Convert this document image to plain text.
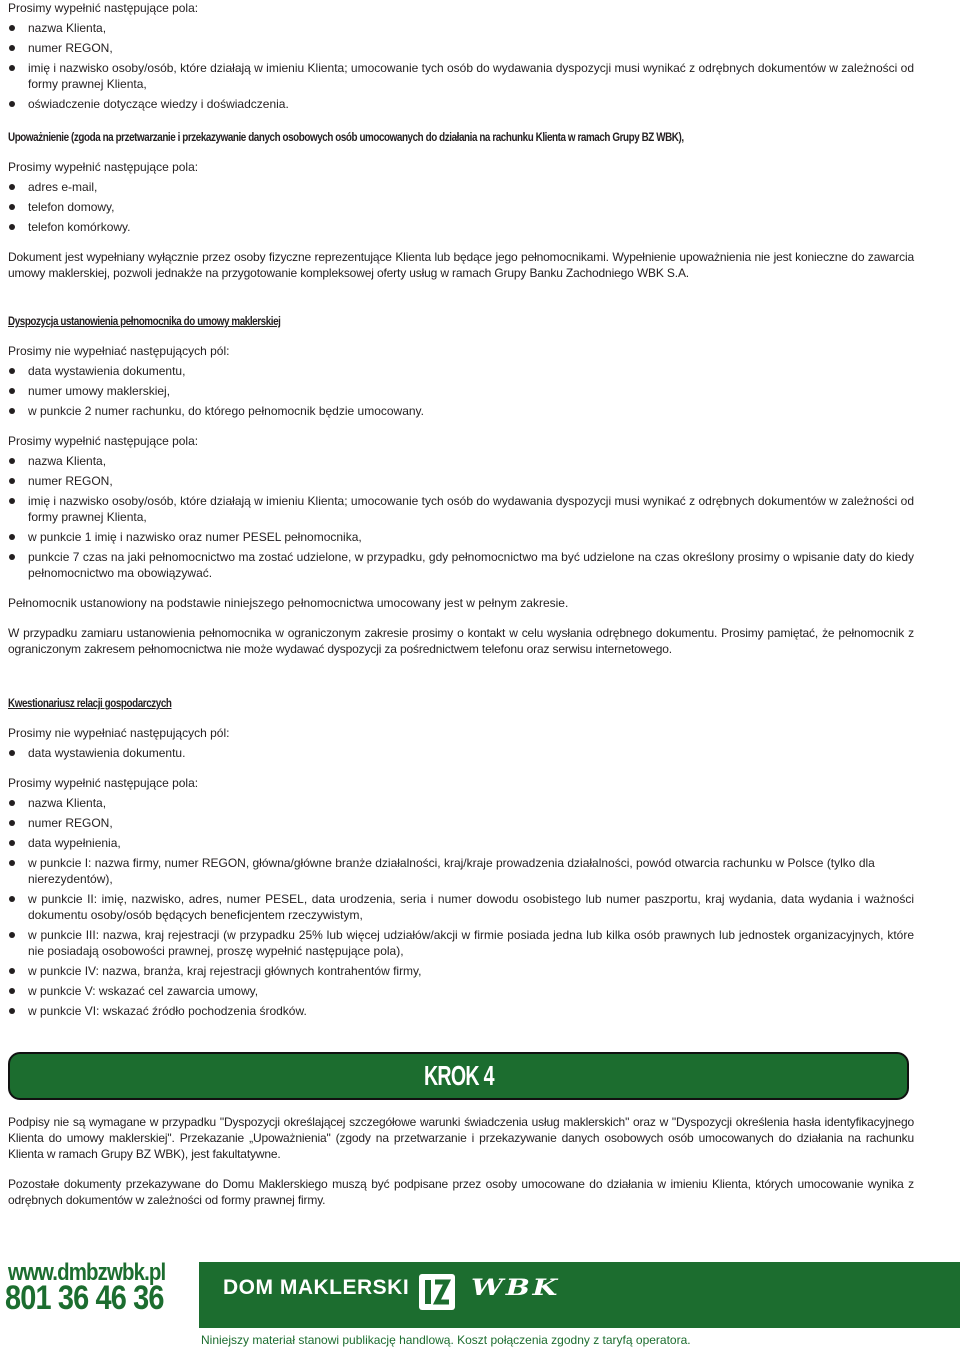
Prosimy wypełnić następujące pola:

nazwa Klienta,
numer REGON,
imię i nazwisko osoby/osób, które działają w imieniu Klienta; umocowanie tych osób do wydawania dyspozycji musi wynikać z odrębnych dokumentów w zależności od formy prawnej Klienta,
oświadczenie dotyczące wiedzy i doświadczenia.
Upoważnienie (zgoda na przetwarzanie i przekazywanie danych osobowych osób umocowanych do działania na rachunku Klienta w ramach Grupy BZ WBK),

Prosimy wypełnić następujące pola:

adres e-mail,
telefon domowy,
telefon komórkowy.

Dokument jest wypełniany wyłącznie przez osoby fizyczne reprezentujące Klienta lub będące jego pełnomocnikami. Wypełnienie upoważnienia nie jest konieczne do zawarcia umowy maklerskiej, pozwoli jednakże na przygotowanie kompleksowej oferty usług w ramach Grupy Banku Zachodniego WBK S.A.

Dyspozycja ustanowienia pełnomocnika do umowy maklerskiej

Prosimy nie wypełniać następujących pól:

data wystawienia dokumentu,
numer umowy maklerskiej,
w punkcie 2 numer rachunku, do którego pełnomocnik będzie umocowany.

Prosimy wypełnić następujące pola:

nazwa Klienta,
numer REGON,
imię i nazwisko osoby/osób, które działają w imieniu Klienta; umocowanie tych osób do wydawania dyspozycji musi wynikać z odrębnych dokumentów w zależności od formy prawnej Klienta,
w punkcie 1 imię i nazwisko oraz numer PESEL pełnomocnika,
punkcie 7 czas na jaki pełnomocnictwo ma zostać udzielone, w przypadku, gdy pełnomocnictwo ma być udzielone na czas określony prosimy o wpisanie daty do kiedy pełnomocnictwo ma obowiązywać.

Pełnomocnik ustanowiony na podstawie niniejszego pełnomocnictwa umocowany jest w pełnym zakresie.

W przypadku zamiaru ustanowienia pełnomocnika w ograniczonym zakresie prosimy o kontakt w celu wysłania odrębnego dokumentu. Prosimy pamiętać, że pełnomocnik z ograniczonym zakresem pełnomocnictwa nie może wydawać dyspozycji za pośrednictwem telefonu oraz serwisu internetowego.

Kwestionariusz relacji gospodarczych

Prosimy nie wypełniać następujących pól:

data wystawienia dokumentu.

Prosimy wypełnić następujące pola:

nazwa Klienta,
numer REGON,
data wypełnienia,
w punkcie I: nazwa firmy, numer REGON, główna/główne branże działalności, kraj/kraje prowadzenia działalności, powód otwarcia rachunku w Polsce (tylko dla nierezydentów),
w punkcie II: imię, nazwisko, adres, numer PESEL, data urodzenia, seria i numer dowodu osobistego lub numer paszportu, kraj wydania, data wydania i ważności dokumentu osoby/osób będących beneficjentem rzeczywistym,
w punkcie III: nazwa, kraj rejestracji (w przypadku 25% lub więcej udziałów/akcji w firmie posiada jedna lub kilka osób prawnych lub jednostek organizacyjnych, które nie posiadają osobowości prawnej, proszę wypełnić następujące pola),
w punkcie IV: nazwa, branża, kraj rejestracji głównych kontrahentów firmy,
w punkcie V: wskazać cel zawarcia umowy,
w punkcie VI: wskazać źródło pochodzenia środków.
KROK 4

Podpisy nie są wymagane w przypadku "Dyspozycji określającej szczegółowe warunki świadczenia usług maklerskich" oraz w "Dyspozycji określenia hasła identyfikacyjnego Klienta do umowy maklerskiej". Przekazanie „Upoważnienia" (zgody na przetwarzanie i przekazywanie danych osobowych osób umocowanych do działania na rachunku Klienta w ramach Grupy BZ WBK), jest fakultatywne.

Pozostałe dokumenty przekazywane do Domu Maklerskiego muszą być podpisane przez osoby umocowane do działania w imieniu Klienta, których umocowanie wynika z odrębnych dokumentów w zależności od formy prawnej firmy.

www.dmbzwbk.pl
801 36 46 36	DOM MAKLERSKI	WBK
Niniejszy materiał stanowi publikację handlową. Koszt połączenia zgodny z taryfą operatora.
